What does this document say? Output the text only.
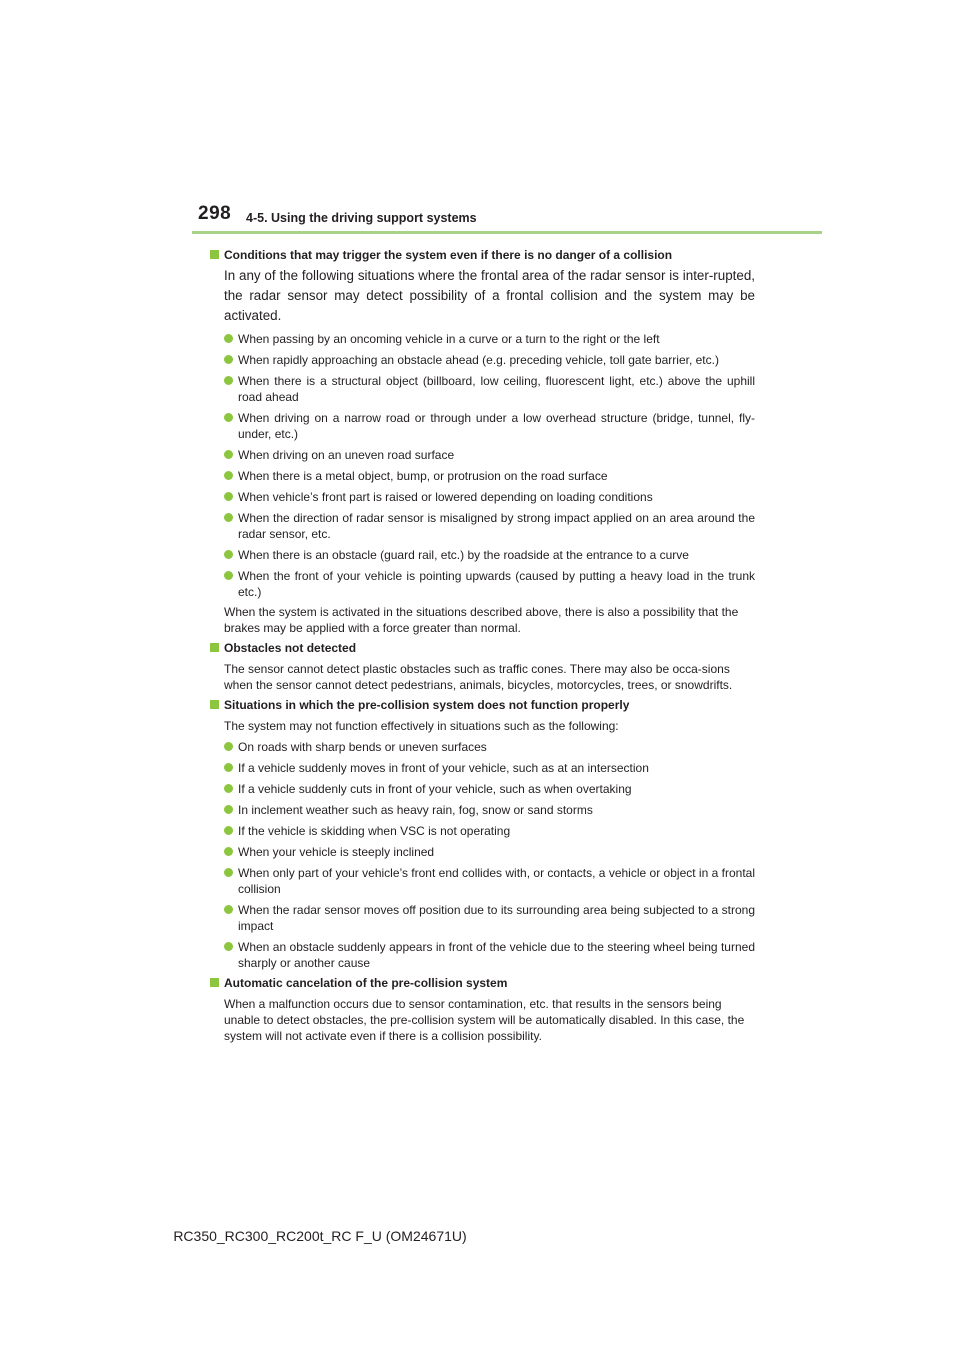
298 4-5. Using the driving support systems
Conditions that may trigger the system even if there is no danger of a collision
In any of the following situations where the frontal area of the radar sensor is inter-rupted, the radar sensor may detect possibility of a frontal collision and the system may be activated.
When passing by an oncoming vehicle in a curve or a turn to the right or the left
When rapidly approaching an obstacle ahead (e.g. preceding vehicle, toll gate barrier, etc.)
When there is a structural object (billboard, low ceiling, fluorescent light, etc.) above the uphill road ahead
When driving on a narrow road or through under a low overhead structure (bridge, tunnel, fly-under, etc.)
When driving on an uneven road surface
When there is a metal object, bump, or protrusion on the road surface
When vehicle’s front part is raised or lowered depending on loading conditions
When the direction of radar sensor is misaligned by strong impact applied on an area around the radar sensor, etc.
When there is an obstacle (guard rail, etc.) by the roadside at the entrance to a curve
When the front of your vehicle is pointing upwards (caused by putting a heavy load in the trunk etc.)
When the system is activated in the situations described above, there is also a possibility that the brakes may be applied with a force greater than normal.
Obstacles not detected
The sensor cannot detect plastic obstacles such as traffic cones. There may also be occa-sions when the sensor cannot detect pedestrians, animals, bicycles, motorcycles, trees, or snowdrifts.
Situations in which the pre-collision system does not function properly
The system may not function effectively in situations such as the following:
On roads with sharp bends or uneven surfaces
If a vehicle suddenly moves in front of your vehicle, such as at an intersection
If a vehicle suddenly cuts in front of your vehicle, such as when overtaking
In inclement weather such as heavy rain, fog, snow or sand storms
If the vehicle is skidding when VSC is not operating
When your vehicle is steeply inclined
When only part of your vehicle’s front end collides with, or contacts, a vehicle or object in a frontal collision
When the radar sensor moves off position due to its surrounding area being subjected to a strong impact
When an obstacle suddenly appears in front of the vehicle due to the steering wheel being turned sharply or another cause
Automatic cancelation of the pre-collision system
When a malfunction occurs due to sensor contamination, etc. that results in the sensors being unable to detect obstacles, the pre-collision system will be automatically disabled. In this case, the system will not activate even if there is a collision possibility.
RC350_RC300_RC200t_RC F_U (OM24671U)
